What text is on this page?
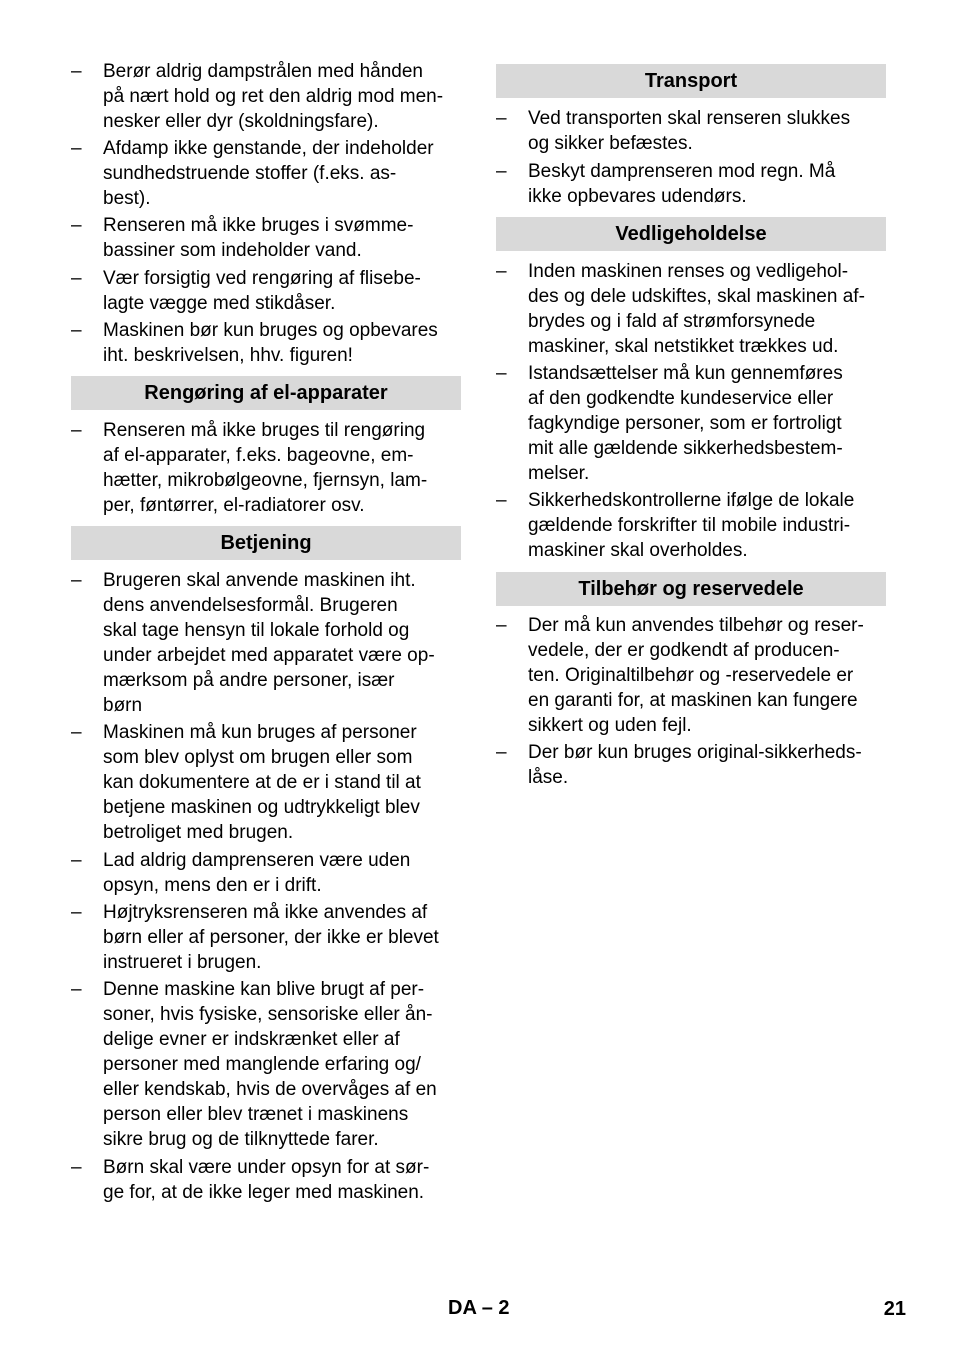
–	Berør aldrig dampstrålen med hånden
på nært hold og ret den aldrig mod men-
nesker eller dyr (skoldningsfare).

–	Afdamp ikke genstande, der indeholder
sundhedstruende stoffer (f.eks. as-
best).

–	Renseren må ikke bruges i svømme-
bassiner som indeholder vand.

–	Vær forsigtig ved rengøring af flisebe-
lagte vægge med stikdåser.

–	Maskinen bør kun bruges og opbevares
iht. beskrivelsen, hhv. figuren!

Rengøring af el-apparater
–	Renseren må ikke bruges til rengøring
af el-apparater, f.eks. bageovne, em-
hætter, mikrobølgeovne, fjernsyn, lam-
per, føntørrer, el-radiatorer osv.

Betjening
–	Brugeren skal anvende maskinen iht.
dens anvendelsesformål. Brugeren
skal tage hensyn til lokale forhold og
under arbejdet med apparatet være op-
mærksom på andre personer, især
børn

–	Maskinen må kun bruges af personer
som blev oplyst om brugen eller som
kan dokumentere at de er i stand til at
betjene maskinen og udtrykkeligt blev
betroliget med brugen.

–	Lad aldrig damprenseren være uden
opsyn, mens den er i drift.

–	Højtryksrenseren må ikke anvendes af
børn eller af personer, der ikke er blevet
instrueret i brugen.

–	Denne maskine kan blive brugt af per-
soner, hvis fysiske, sensoriske eller ån-
delige evner er indskrænket eller af
personer med manglende erfaring og/
eller kendskab, hvis de overvåges af en
person eller blev trænet i maskinens
sikre brug og de tilknyttede farer.

–	Børn skal være under opsyn for at sør-
ge for, at de ikke leger med maskinen.

Transport
–	Ved transporten skal renseren slukkes
og sikker befæstes.

–	Beskyt damprenseren mod regn. Må
ikke opbevares udendørs.

Vedligeholdelse
–	Inden maskinen renses og vedligehol-
des og dele udskiftes, skal maskinen af-
brydes og i fald af strømforsynede
maskiner, skal netstikket trækkes ud.

–	Istandsættelser må kun gennemføres
af den godkendte kundeservice eller
fagkyndige personer, som er fortroligt
mit alle gældende sikkerhedsbestem-
melser.

–	Sikkerhedskontrollerne ifølge de lokale
gældende forskrifter til mobile industri-
maskiner skal overholdes.

Tilbehør og reservedele
–	Der må kun anvendes tilbehør og reser-
vedele, der er godkendt af producen-
ten. Originaltilbehør og -reservedele er
en garanti for, at maskinen kan fungere
sikkert og uden fejl.

–	Der bør kun bruges original-sikkerheds-
låse.

DA – 2	21
